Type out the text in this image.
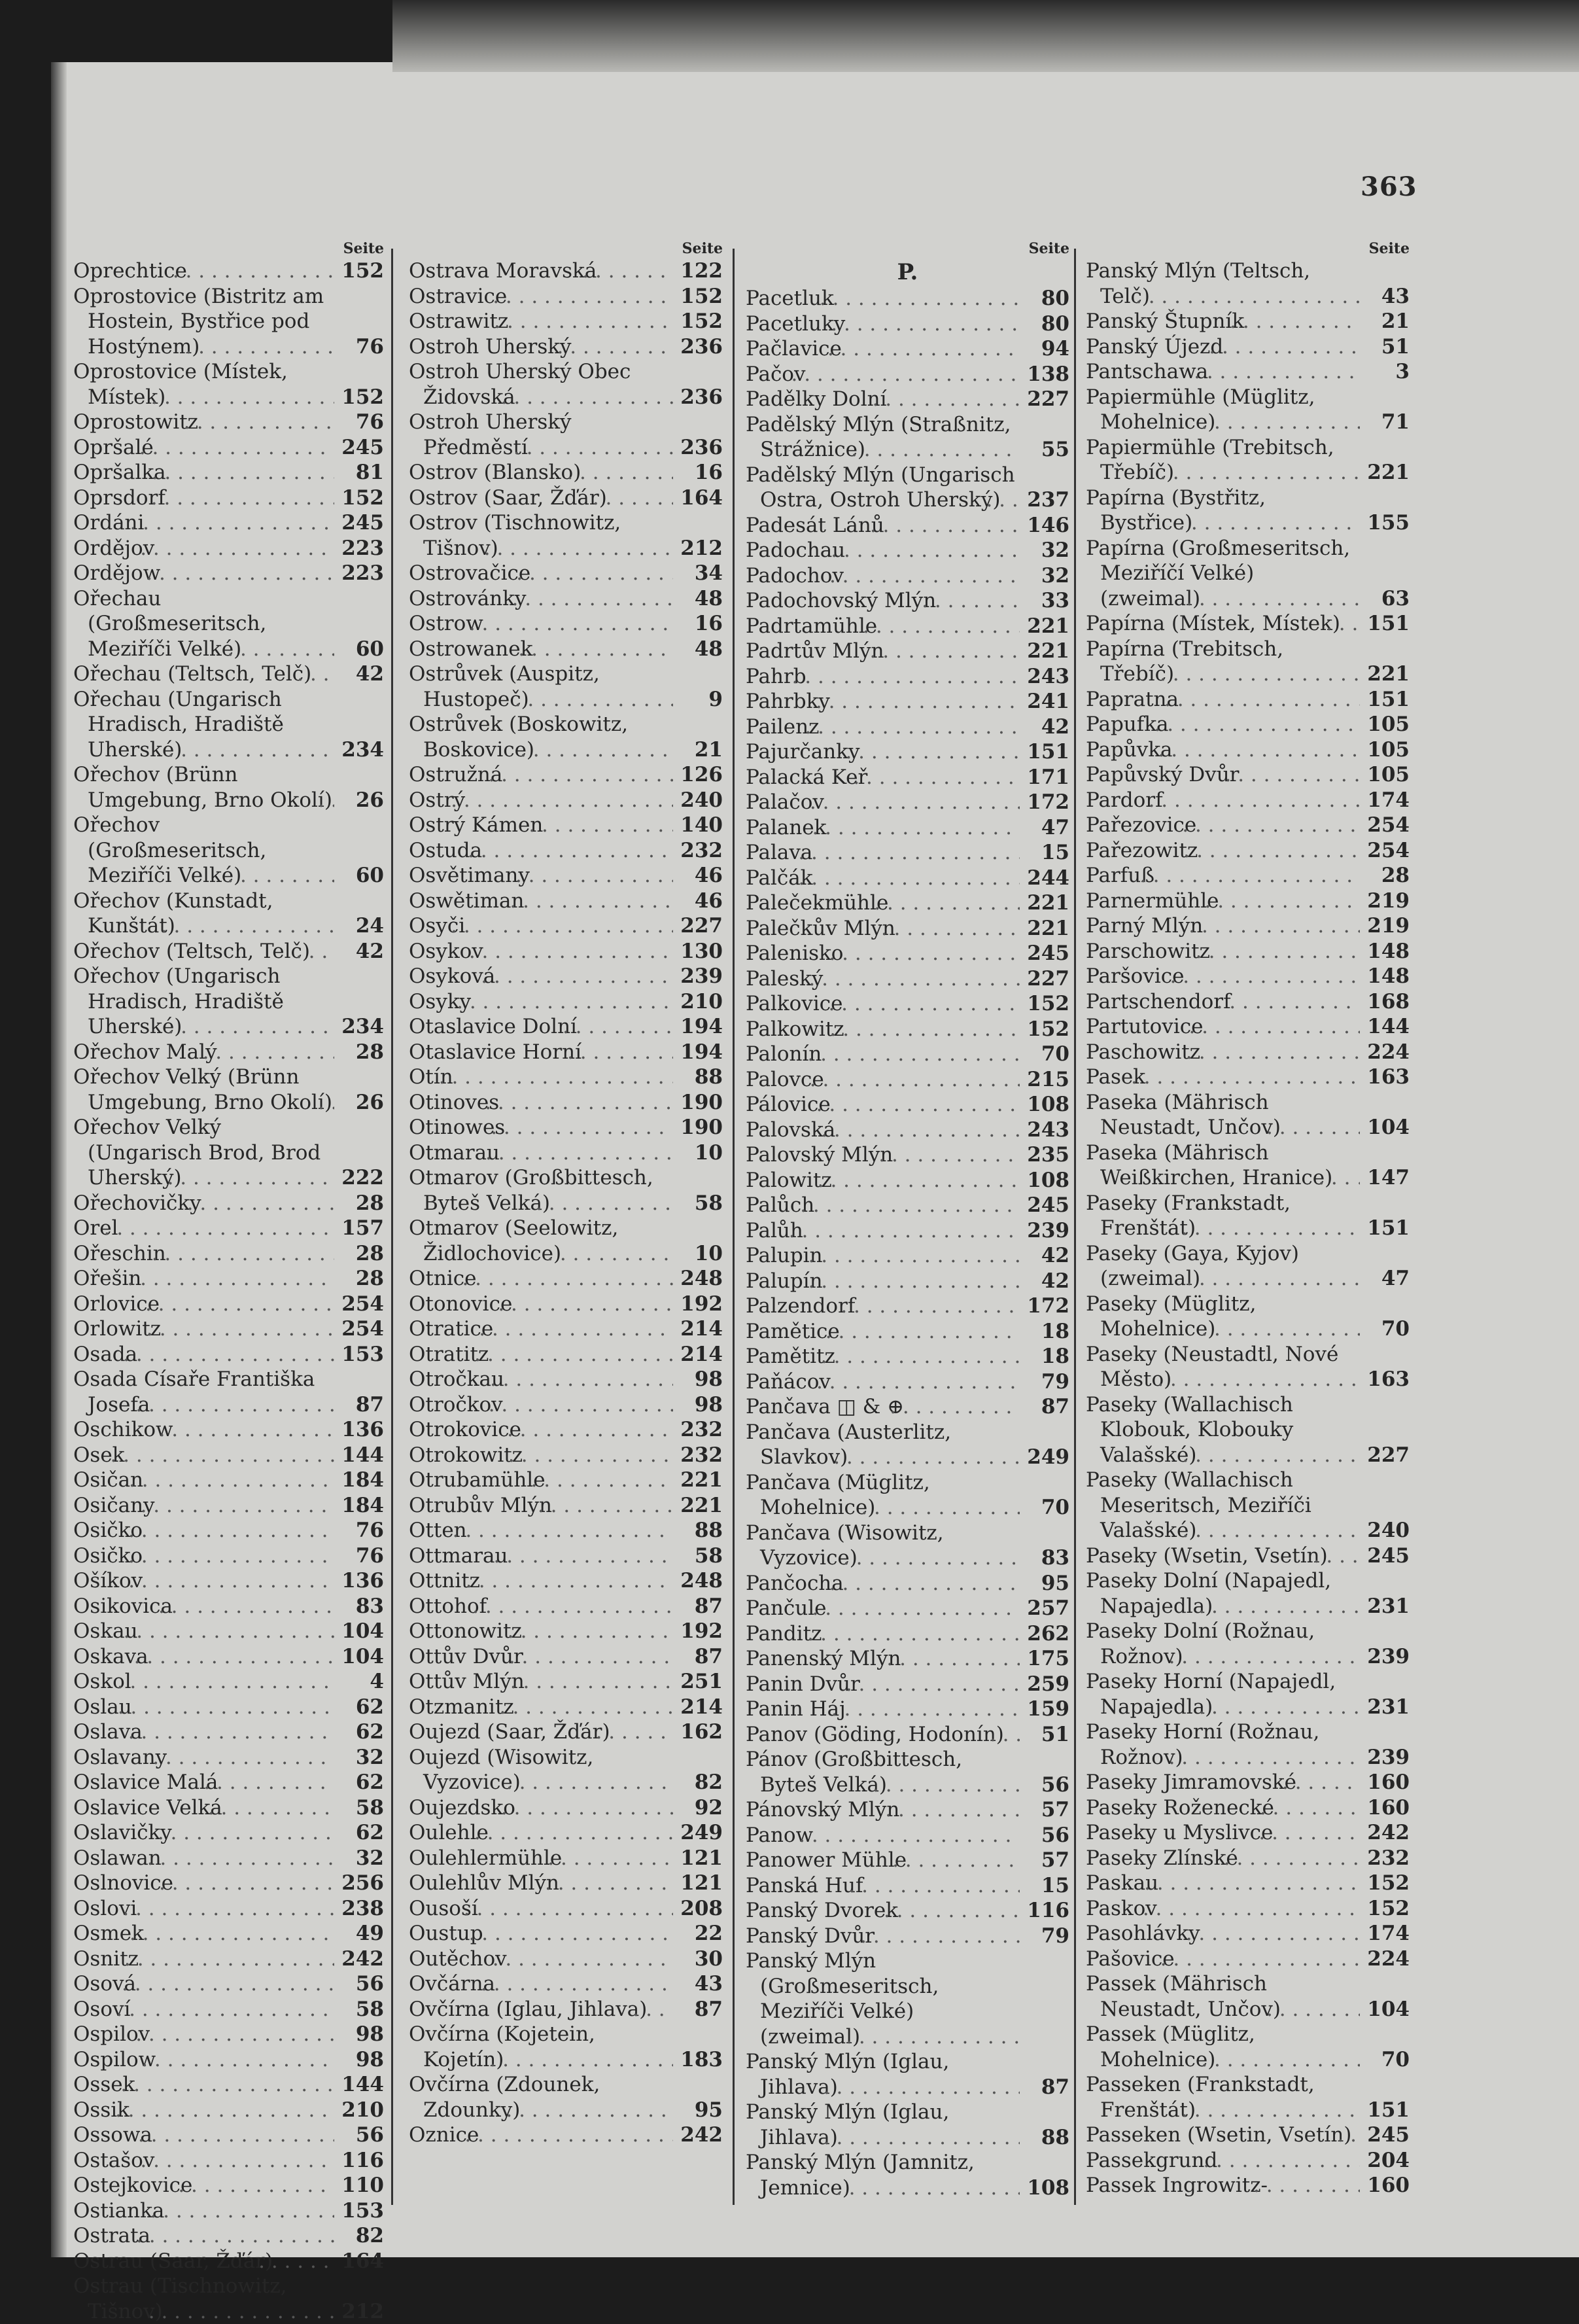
363
Seite
Oprechtice . . .	152
Oprostovice (Bistritz am Hostein, Bystřice pod Hostýnem) . . .	76
Oprostovice (Místek, Místek) . . .	152
Oprostowitz . . .	76
Opršalé . . .	245
Opršalka . . .	81
Oprsdorf . . .	152
Ordáni . . .	245
Ordějov . . .	223
Ordějow . . .	223
Ořechau (Großmeseritsch, Meziříči Velké) . . .	60
Ořechau (Teltsch, Telč) . . .	42
Ořechau (Ungarisch Hradisch, Hradiště Uherské) . . .	234
Ořechov (Brünn Umgebung, Brno Okolí) . . .	26
Ořechov (Großmeseritsch, Meziříči Velké) . . .	60
Ořechov (Kunstadt, Kunštát) . . .	24
Ořechov (Teltsch, Telč) . . .	42
Ořechov (Ungarisch Hradisch, Hradiště Uherské) . . .	234
Ořechov Malý . . .	28
Ořechov Velký (Brünn Umgebung, Brno Okolí) . . .	26
Ořechov Velký (Ungarisch Brod, Brod Uherský) . . .	222
Ořechovičky . . .	28
Orel . . .	157
Ořeschin . . .	28
Ořešin . . .	28
Orlovice . . .	254
Orlowitz . . .	254
Osada . . .	153
Osada Císaře Františka Josefa . . .	87
Oschikow . . .	136
Osek . . .	144
Osičan . . .	184
Osičany . . .	184
Osičko . . .	76
Osičko . . .	76
Ošíkov . . .	136
Osikovica . . .	83
Oskau . . .	104
Oskava . . .	104
Oskol . . .	4
Oslau . . .	62
Oslava . . .	62
Oslavany . . .	32
Oslavice Malá . . .	62
Oslavice Velká . . .	58
Oslavičky . . .	62
Oslawan . . .	32
Oslnovice . . .	256
Oslovi . . .	238
Osmek . . .	49
Osnitz . . .	242
Osová . . .	56
Osoví . . .	58
Ospilov . . .	98
Ospilow . . .	98
Ossek . . .	144
Ossik . . .	210
Ossowa . . .	56
Ostašov . . .	116
Ostejkovice . . .	110
Ostianka . . .	153
Ostrata . . .	82
Ostrau (Saar, Žďár) . . .	164
Ostrau (Tischnowitz, Tišnov) . . .	212
Seite
Ostrava Moravská . . .	122
Ostravice . . .	152
Ostrawitz . . .	152
Ostroh Uherský . . .	236
Ostroh Uherský Obec Židovská . . .	236
Ostroh Uherský Předměstí . . .	236
Ostrov (Blansko) . . .	16
Ostrov (Saar, Žďár) . . .	164
Ostrov (Tischnowitz, Tišnov) . . .	212
Ostrovačice . . .	34
Ostrovánky . . .	48
Ostrow . . .	16
Ostrowanek . . .	48
Ostrůvek (Auspitz, Hustopeč) . . .	9
Ostrůvek (Boskowitz, Boskovice) . . .	21
Ostružná . . .	126
Ostrý . . .	240
Ostrý Kámen . . .	140
Ostuda . . .	232
Osvětimany . . .	46
Oswětiman . . .	46
Osyči . . .	227
Osykov . . .	130
Osyková . . .	239
Osyky . . .	210
Otaslavice Dolní . . .	194
Otaslavice Horní . . .	194
Otín . . .	88
Otinoves . . .	190
Otinowes . . .	190
Otmarau . . .	10
Otmarov (Großbittesch, Byteš Velká) . . .	58
Otmarov (Seelowitz, Židlochovice) . . .	10
Otnice . . .	248
Otonovice . . .	192
Otratice . . .	214
Otratitz . . .	214
Otročkau . . .	98
Otročkov . . .	98
Otrokovice . . .	232
Otrokowitz . . .	232
Otrubamühle . . .	221
Otrubův Mlýn . . .	221
Otten . . .	88
Ottmarau . . .	58
Ottnitz . . .	248
Ottohof . . .	87
Ottonowitz . . .	192
Ottův Dvůr . . .	87
Ottův Mlýn . . .	251
Otzmanitz . . .	214
Oujezd (Saar, Žďár) . . .	162
Oujezd (Wisowitz, Vyzovice) . . .	82
Oujezdsko . . .	92
Oulehle . . .	249
Oulehlermühle . . .	121
Oulehlův Mlýn . . .	121
Ousoší . . .	208
Oustup . . .	22
Outěchov . . .	30
Ovčárna . . .	43
Ovčírna (Iglau, Jihlava) . . .	87
Ovčírna (Kojetein, Kojetín) . . .	183
Ovčírna (Zdounek, Zdounky) . . .	95
Oznice . . .	242
Seite
P.
Pacetluk . . .	80
Pacetluky . . .	80
Pačlavice . . .	94
Pačov . . .	138
Padělky Dolní . . .	227
Padělský Mlýn (Straßnitz, Strážnice) . . .	55
Padělský Mlýn (Ungarisch Ostra, Ostroh Uherský) . . .	237
Padesát Lánů . . .	146
Padochau . . .	32
Padochov . . .	32
Padochovský Mlýn . . .	33
Padrtamühle . . .	221
Padrtův Mlýn . . .	221
Pahrb . . .	243
Pahrbky . . .	241
Pailenz . . .	42
Pajurčanky . . .	151
Palacká Keř . . .	171
Palačov . . .	172
Palanek . . .	47
Palava . . .	15
Palčák . . .	244
Palečekmühle . . .	221
Palečkův Mlýn . . .	221
Palenisko . . .	245
Paleský . . .	227
Palkovice . . .	152
Palkowitz . . .	152
Palonín . . .	70
Palovce . . .	215
Pálovice . . .	108
Palovská . . .	243
Palovský Mlýn . . .	235
Palowitz . . .	108
Palůch . . .	245
Palůh . . .	239
Palupin . . .	42
Palupín . . .	42
Palzendorf . . .	172
Pamětice . . .	18
Pamětitz . . .	18
Paňácov . . .	79
Pančava ◫ & ⊕ . . .	87
Pančava (Austerlitz, Slavkov) . . .	249
Pančava (Müglitz, Mohelnice) . . .	70
Pančava (Wisowitz, Vyzovice) . . .	83
Pančocha . . .	95
Pančule . . .	257
Panditz . . .	262
Panenský Mlýn . . .	175
Panin Dvůr . . .	259
Panin Háj . . .	159
Panov (Göding, Hodonín) . . .	51
Pánov (Großbittesch, Byteš Velká) . . .	56
Pánovský Mlýn . . .	57
Panow . . .	56
Panower Mühle . . .	57
Panská Huf . . .	15
Panský Dvorek . . .	116
Panský Dvůr . . .	79
Panský Mlýn (Großmeseritsch, Meziříči Velké) (zweimal) . . .
Panský Mlýn (Iglau, Jihlava) . . .	87
Panský Mlýn (Iglau, Jihlava) . . .	88
Panský Mlýn (Jamnitz, Jemnice) . . .	108
Seite
Panský Mlýn (Teltsch, Telč) . . .	43
Panský Štupník . . .	21
Panský Újezd . . .	51
Pantschawa . . .	3
Papiermühle (Müglitz, Mohelnice) . . .	71
Papiermühle (Trebitsch, Třebíč) . . .	221
Papírna (Bystřitz, Bystřice) . . .	155
Papírna (Großmeseritsch, Meziříčí Velké) (zweimal) . . .	63
Papírna (Místek, Místek) . . .	151
Papírna (Trebitsch, Třebíč) . . .	221
Papratna . . .	151
Papufka . . .	105
Papůvka . . .	105
Papůvský Dvůr . . .	105
Pardorf . . .	174
Pařezovice . . .	254
Pařezowitz . . .	254
Parfuß . . .	28
Parnermühle . . .	219
Parný Mlýn . . .	219
Parschowitz . . .	148
Paršovice . . .	148
Partschendorf . . .	168
Partutovice . . .	144
Paschowitz . . .	224
Pasek . . .	163
Paseka (Mährisch Neustadt, Unčov) . . .	104
Paseka (Mährisch Weißkirchen, Hranice) . . .	147
Paseky (Frankstadt, Frenštát) . . .	151
Paseky (Gaya, Kyjov) (zweimal) . . .	47
Paseky (Müglitz, Mohelnice) . . .	70
Paseky (Neustadtl, Nové Město) . . .	163
Paseky (Wallachisch Klobouk, Klobouky Valašské) . . .	227
Paseky (Wallachisch Meseritsch, Meziříči Valašské) . . .	240
Paseky (Wsetin, Vsetín) . . .	245
Paseky Dolní (Napajedl, Napajedla) . . .	231
Paseky Dolní (Rožnau, Rožnov) . . .	239
Paseky Horní (Napajedl, Napajedla) . . .	231
Paseky Horní (Rožnau, Rožnov) . . .	239
Paseky Jimramovské . . .	160
Paseky Roženecké . . .	160
Paseky u Myslivce . . .	242
Paseky Zlínské . . .	232
Paskau . . .	152
Paskov . . .	152
Pasohlávky . . .	174
Pašovice . . .	224
Passek (Mährisch Neustadt, Unčov) . . .	104
Passek (Müglitz, Mohelnice) . . .	70
Passeken (Frankstadt, Frenštát) . . .	151
Passeken (Wsetin, Vsetín) . . . 245
Passekgrund . . .	204
Passek Ingrowitz- . . .	160
